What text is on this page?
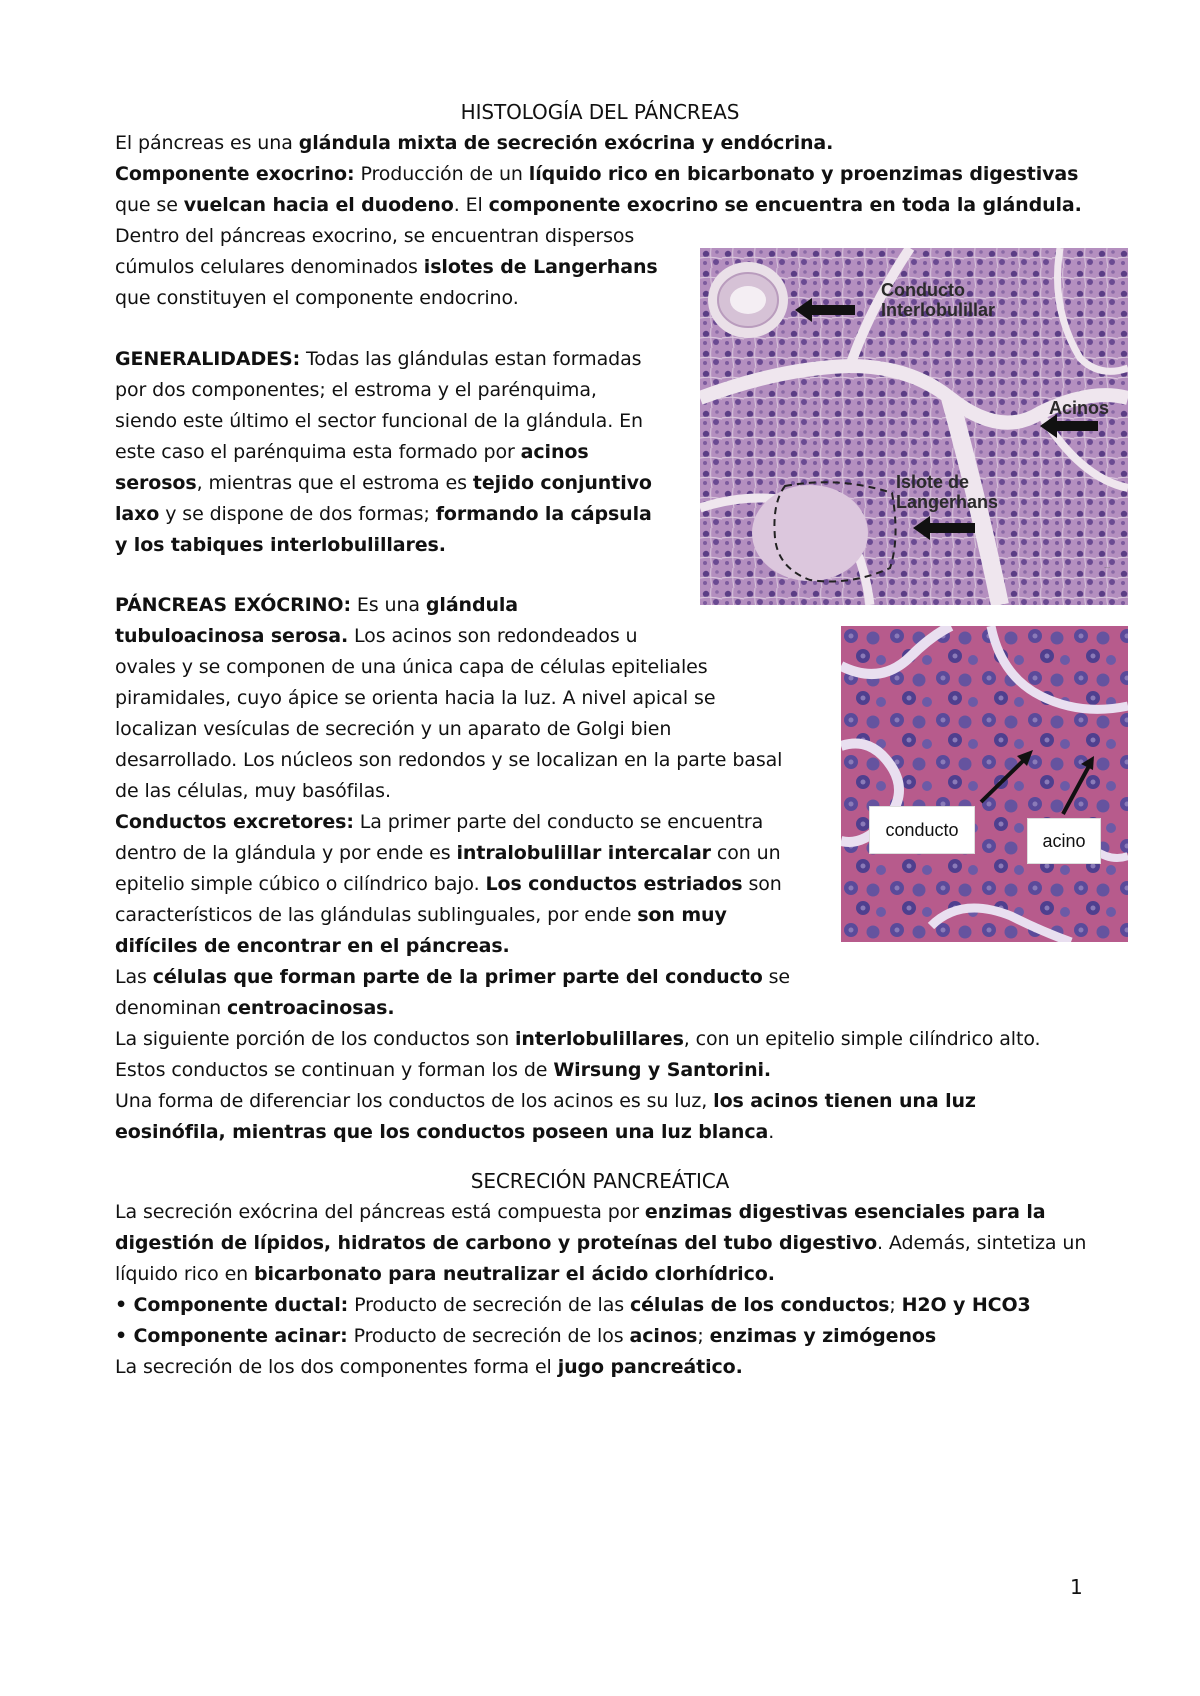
HISTOLOGÍA DEL PÁNCREAS
El páncreas es una glándula mixta de secreción exócrina y endócrina.
Componente exocrino: Producción de un líquido rico en bicarbonato y proenzimas digestivas
que se vuelcan hacia el duodeno. El componente exocrino se encuentra en toda la glándula.
Dentro del páncreas exocrino, se encuentran dispersos
cúmulos celulares denominados islotes de Langerhans
que constituyen el componente endocrino.
GENERALIDADES: Todas las glándulas estan formadas
por dos componentes; el estroma y el parénquima,
siendo este último el sector funcional de la glándula. En
este caso el parénquima esta formado por acinos
serosos, mientras que el estroma es tejido conjuntivo
laxo y se dispone de dos formas; formando la cápsula
y los tabiques interlobulillares.
PÁNCREAS EXÓCRINO: Es una glándula
tubuloacinosa serosa. Los acinos son redondeados u
ovales y se componen de una única capa de células epiteliales
piramidales, cuyo ápice se orienta hacia la luz. A nivel apical se
localizan vesículas de secreción y un aparato de Golgi bien
desarrollado. Los núcleos son redondos y se localizan en la parte basal
de las células, muy basófilas.
Conductos excretores: La primer parte del conducto se encuentra
dentro de la glándula y por ende es intralobulillar intercalar con un
epitelio simple cúbico o cilíndrico bajo. Los conductos estriados son
característicos de las glándulas sublinguales, por ende son muy
difíciles de encontrar en el páncreas.
Las células que forman parte de la primer parte del conducto se
denominan centroacinosas.
La siguiente porción de los conductos son interlobulillares, con un epitelio simple cilíndrico alto.
Estos conductos se continuan y forman los de Wirsung y Santorini.
Una forma de diferenciar los conductos de los acinos es su luz, los acinos tienen una luz
eosinófila, mientras que los conductos poseen una luz blanca.
SECRECIÓN PANCREÁTICA
La secreción exócrina del páncreas está compuesta por enzimas digestivas esenciales para la
digestión de lípidos, hidratos de carbono y proteínas del tubo digestivo. Además, sintetiza un
líquido rico en bicarbonato para neutralizar el ácido clorhídrico.
• Componente ductal: Producto de secreción de las células de los conductos; H2O y HCO3
• Componente acinar: Producto de secreción de los acinos; enzimas y zimógenos
La secreción de los dos componentes forma el jugo pancreático.
...
Conducto
Interlobulillar
Acinos
Islote de
Langerhans
conducto
acino
1
